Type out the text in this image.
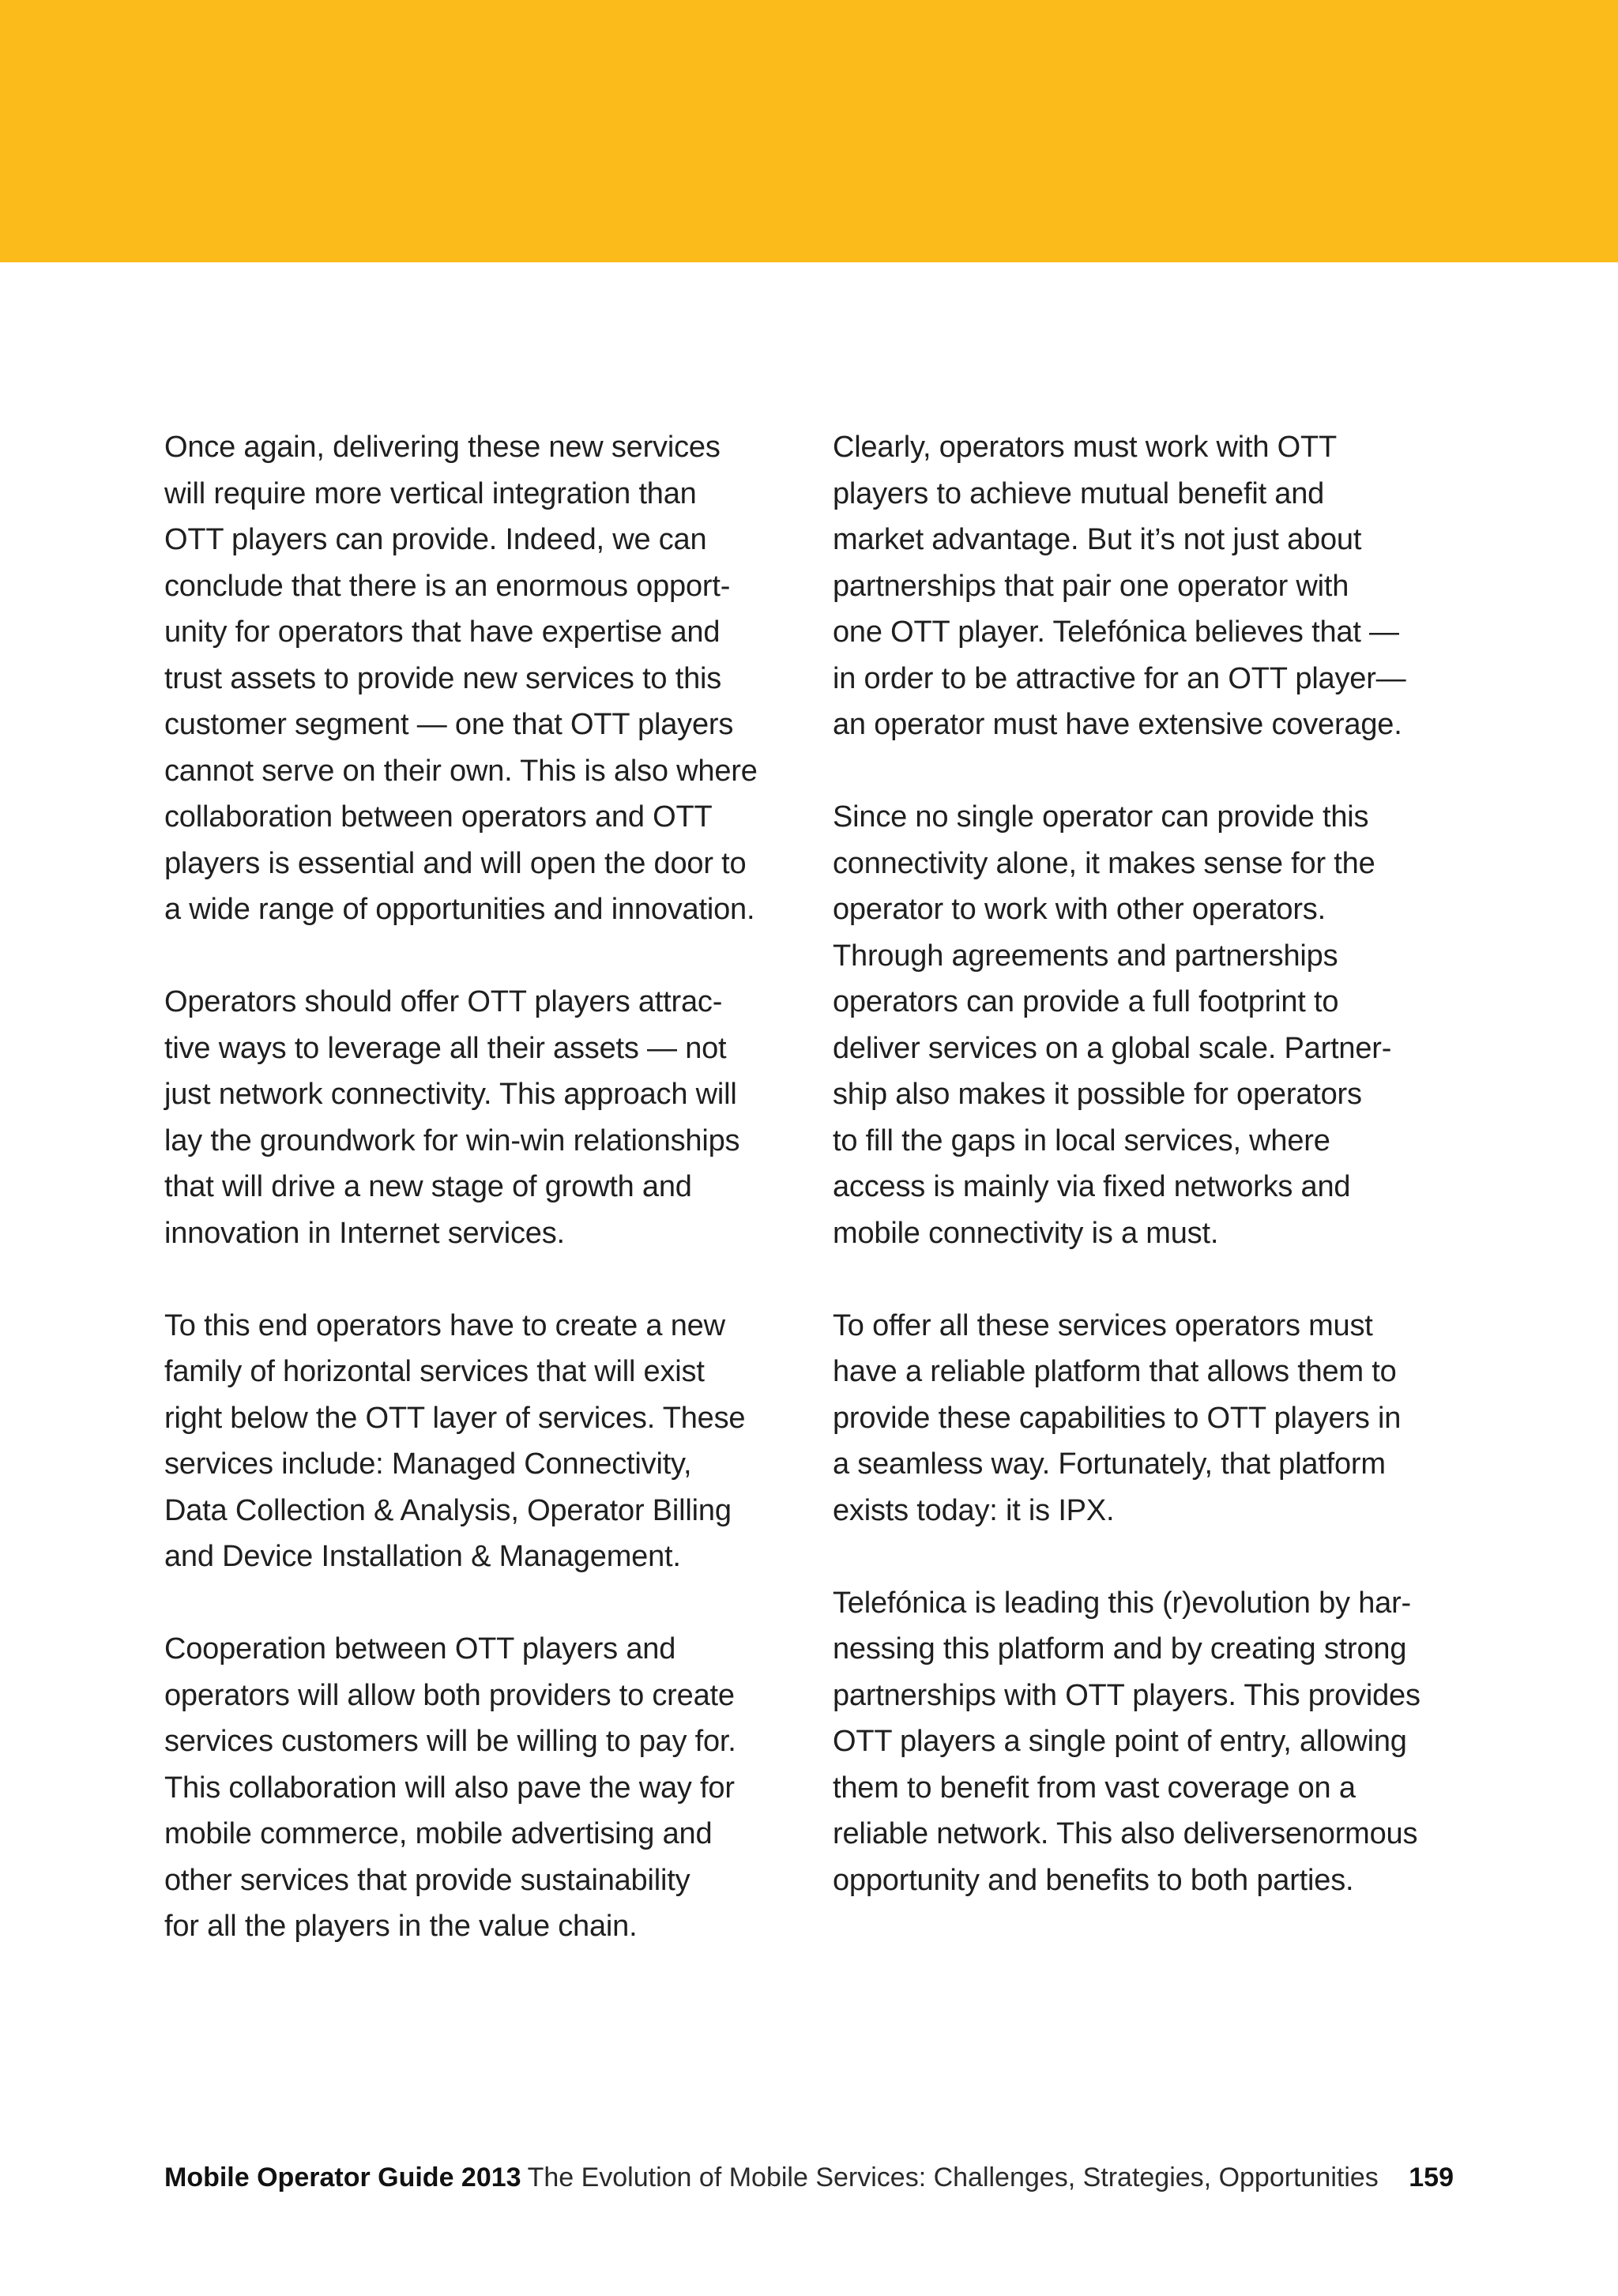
Once again, delivering these new services
will require more vertical integration than
OTT players can provide. Indeed, we can
conclude that there is an enormous opport-
unity for operators that have expertise and
trust assets to provide new services to this
customer segment — one that OTT players
cannot serve on their own. This is also where
collaboration between operators and OTT
players is essential and will open the door to
a wide range of opportunities and innovation.
Operators should offer OTT players attrac-
tive ways to leverage all their assets — not
just network connectivity. This approach will
lay the groundwork for win-win relationships
that will drive a new stage of growth and
innovation in Internet services.
To this end operators have to create a new
family of horizontal services that will exist
right below the OTT layer of services. These
services include: Managed Connectivity,
Data Collection & Analysis, Operator Billing
and Device Installation & Management.
Cooperation between OTT players and
operators will allow both providers to create
services customers will be willing to pay for.
This collaboration will also pave the way for
mobile commerce, mobile advertising and
other services that provide sustainability
for all the players in the value chain.
Clearly, operators must work with OTT
players to achieve mutual benefit and
market advantage. But it’s not just about
partnerships that pair one operator with
one OTT player. Telefónica believes that —
in order to be attractive for an OTT player—
an operator must have extensive coverage.
Since no single operator can provide this
connectivity alone, it makes sense for the
operator to work with other operators.
Through agreements and partnerships
operators can provide a full footprint to
deliver services on a global scale. Partner-
ship also makes it possible for operators
to fill the gaps in local services, where
access is mainly via fixed networks and
mobile connectivity is a must.
To offer all these services operators must
have a reliable platform that allows them to
provide these capabilities to OTT players in
a seamless way. Fortunately, that platform
exists today: it is IPX.
Telefónica is leading this (r)evolution by har-
nessing this platform and by creating strong
partnerships with OTT players. This provides
OTT players a single point of entry, allowing
them to benefit from vast coverage on a
reliable network. This also deliversenormous
opportunity and benefits to both parties.
Mobile Operator Guide 2013 The Evolution of Mobile Services: Challenges, Strategies, Opportunities 159
